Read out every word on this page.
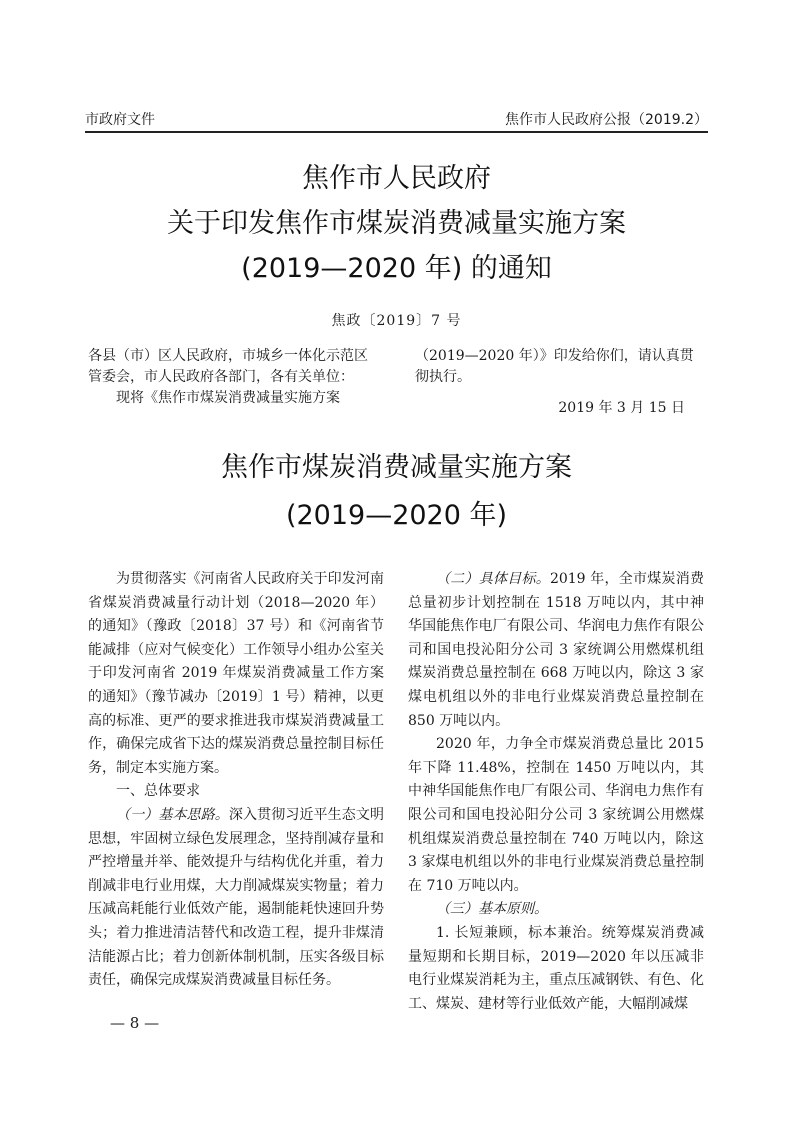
市政府文件	焦作市人民政府公报（2019.2）
焦作市人民政府
关于印发焦作市煤炭消费减量实施方案
(2019—2020 年) 的通知
焦政〔2019〕7 号
各县（市）区人民政府，市城乡一体化示范区管委会，市人民政府各部门，各有关单位：
现将《焦作市煤炭消费减量实施方案
（2019—2020 年）》印发给你们，请认真贯彻执行。
2019 年 3 月 15 日
焦作市煤炭消费减量实施方案
(2019—2020 年)

为贯彻落实《河南省人民政府关于印发河南省煤炭消费减量行动计划（2018—2020 年）的通知》（豫政〔2018〕37 号）和《河南省节能减排（应对气候变化）工作领导小组办公室关于印发河南省 2019 年煤炭消费减量工作方案的通知》（豫节减办〔2019〕1 号）精神，以更高的标准、更严的要求推进我市煤炭消费减量工作，确保完成省下达的煤炭消费总量控制目标任务，制定本实施方案。

一、总体要求

（一）基本思路。深入贯彻习近平生态文明思想，牢固树立绿色发展理念，坚持削减存量和严控增量并举、能效提升与结构优化并重，着力削减非电行业用煤，大力削减煤炭实物量；着力压减高耗能行业低效产能，遏制能耗快速回升势头；着力推进清洁替代和改造工程，提升非煤清洁能源占比；着力创新体制机制，压实各级目标责任，确保完成煤炭消费减量目标任务。

（二）具体目标。2019 年，全市煤炭消费总量初步计划控制在 1518 万吨以内，其中神华国能焦作电厂有限公司、华润电力焦作有限公司和国电投沁阳分公司 3 家统调公用燃煤机组煤炭消费总量控制在 668 万吨以内，除这 3 家煤电机组以外的非电行业煤炭消费总量控制在 850 万吨以内。

2020 年，力争全市煤炭消费总量比 2015 年下降 11.48%，控制在 1450 万吨以内，其中神华国能焦作电厂有限公司、华润电力焦作有限公司和国电投沁阳分公司 3 家统调公用燃煤机组煤炭消费总量控制在 740 万吨以内，除这 3 家煤电机组以外的非电行业煤炭消费总量控制在 710 万吨以内。

（三）基本原则。

1. 长短兼顾，标本兼治。统筹煤炭消费减量短期和长期目标，2019—2020 年以压减非电行业煤炭消耗为主，重点压减钢铁、有色、化工、煤炭、建材等行业低效产能，大幅削减煤

— 8 —
